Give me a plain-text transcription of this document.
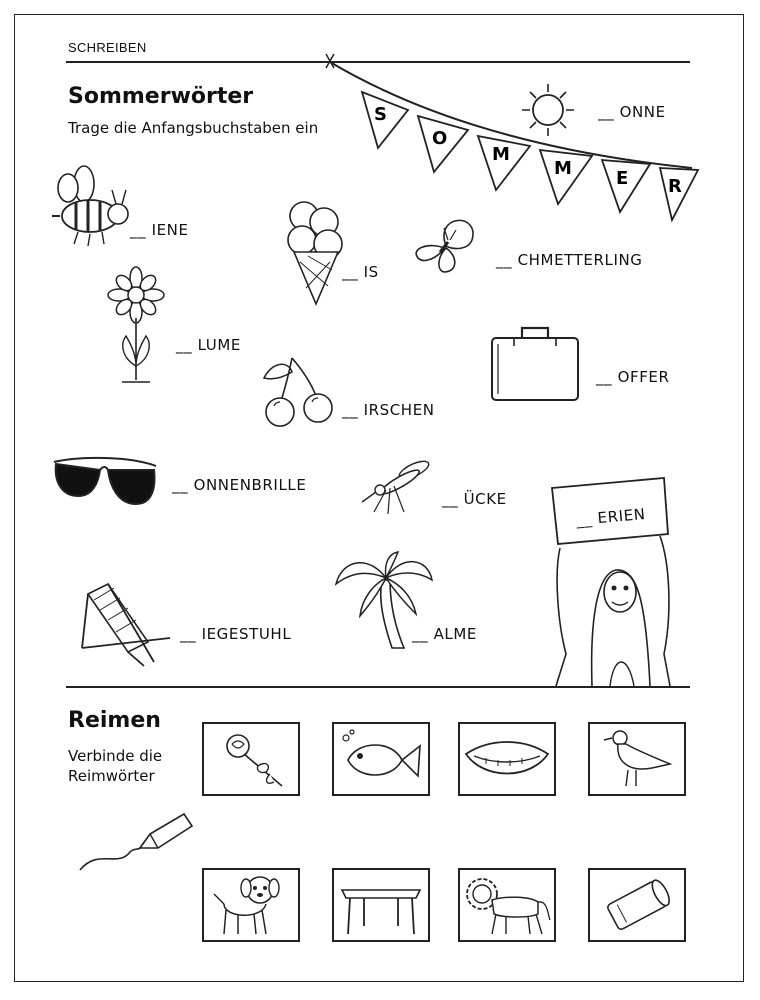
SCHREIBEN
Sommerwörter
Trage die Anfangsbuchstaben ein
S
O
M
M E R
__ ONNE
__ IENE
__ IS
__ CHMETTERLING
__ LUME
__ IRSCHEN
__ OFFER
__ ONNENBRILLE
__ ÜCKE
__ ERIEN
__ IEGESTUHL	__ ALME
Reimen
Verbinde die
Reimwörter
